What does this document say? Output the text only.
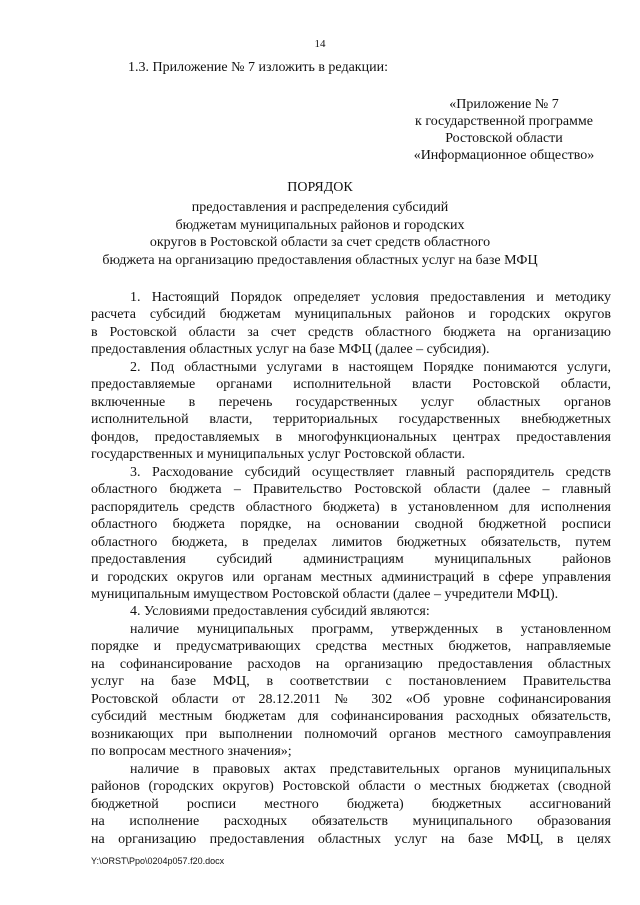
14
1.3. Приложение № 7 изложить в редакции:
«Приложение № 7
к государственной программе
Ростовской области
«Информационное общество»
ПОРЯДОК
предоставления и распределения субсидий
бюджетам муниципальных районов и городских
округов в Ростовской области за счет средств областного
бюджета на организацию предоставления областных услуг на базе МФЦ
1. Настоящий Порядок определяет условия предоставления и методику
расчета субсидий бюджетам муниципальных районов и городских округов
в Ростовской области за счет средств областного бюджета на организацию
предоставления областных услуг на базе МФЦ (далее – субсидия).
2. Под областными услугами в настоящем Порядке понимаются услуги,
предоставляемые органами исполнительной власти Ростовской области,
включенные в перечень государственных услуг областных органов
исполнительной власти, территориальных государственных внебюджетных
фондов, предоставляемых в многофункциональных центрах предоставления
государственных и муниципальных услуг Ростовской области.
3. Расходование субсидий осуществляет главный распорядитель средств
областного бюджета – Правительство Ростовской области (далее – главный
распорядитель средств областного бюджета) в установленном для исполнения
областного бюджета порядке, на основании сводной бюджетной росписи
областного бюджета, в пределах лимитов бюджетных обязательств, путем
предоставления субсидий администрациям муниципальных районов
и городских округов или органам местных администраций в сфере управления
муниципальным имуществом Ростовской области (далее – учредители МФЦ).
4. Условиями предоставления субсидий являются:
наличие муниципальных программ, утвержденных в установленном
порядке и предусматривающих средства местных бюджетов, направляемые
на софинансирование расходов на организацию предоставления областных
услуг на базе МФЦ, в соответствии с постановлением Правительства
Ростовской области от 28.12.2011 № 302 «Об уровне софинансирования
субсидий местным бюджетам для софинансирования расходных обязательств,
возникающих при выполнении полномочий органов местного самоуправления
по вопросам местного значения»;
наличие в правовых актах представительных органов муниципальных
районов (городских округов) Ростовской области о местных бюджетах (сводной
бюджетной росписи местного бюджета) бюджетных ассигнований
на исполнение расходных обязательств муниципального образования
на организацию предоставления областных услуг на базе МФЦ, в целях
Y:\ORST\Ppo\0204p057.f20.docx
